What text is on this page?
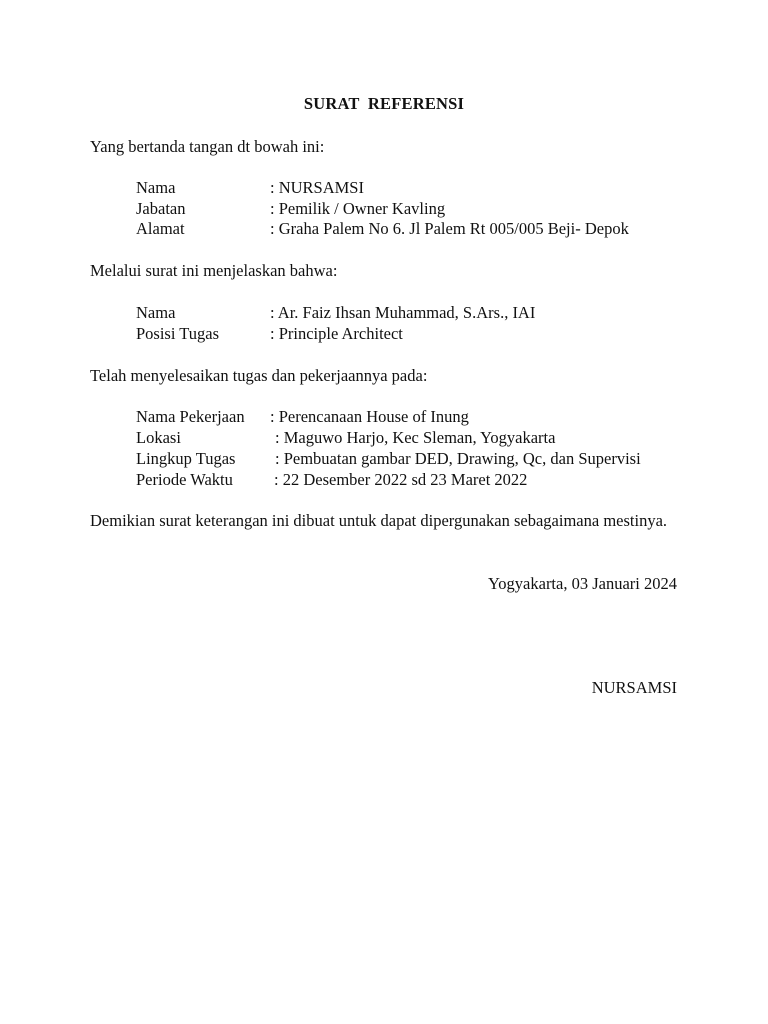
SURAT  REFERENSI
Yang bertanda tangan dt bowah ini:
Nama	: NURSAMSI
Jabatan	: Pemilik / Owner Kavling
Alamat	: Graha Palem No 6. Jl Palem Rt 005/005 Beji- Depok
Melalui surat ini menjelaskan bahwa:
Nama	: Ar. Faiz Ihsan Muhammad, S.Ars., IAI
Posisi Tugas	: Principle Architect
Telah menyelesaikan tugas dan pekerjaannya pada:
Nama Pekerjaan : Perencanaan House of Inung
Lokasi	: Maguwo Harjo, Kec Sleman, Yogyakarta
Lingkup Tugas : Pembuatan gambar DED, Drawing, Qc, dan Supervisi
Periode Waktu : 22 Desember 2022 sd 23 Maret 2022
Demikian surat keterangan ini dibuat untuk dapat dipergunakan sebagaimana mestinya.
Yogyakarta, 03 Januari 2024
NURSAMSI
